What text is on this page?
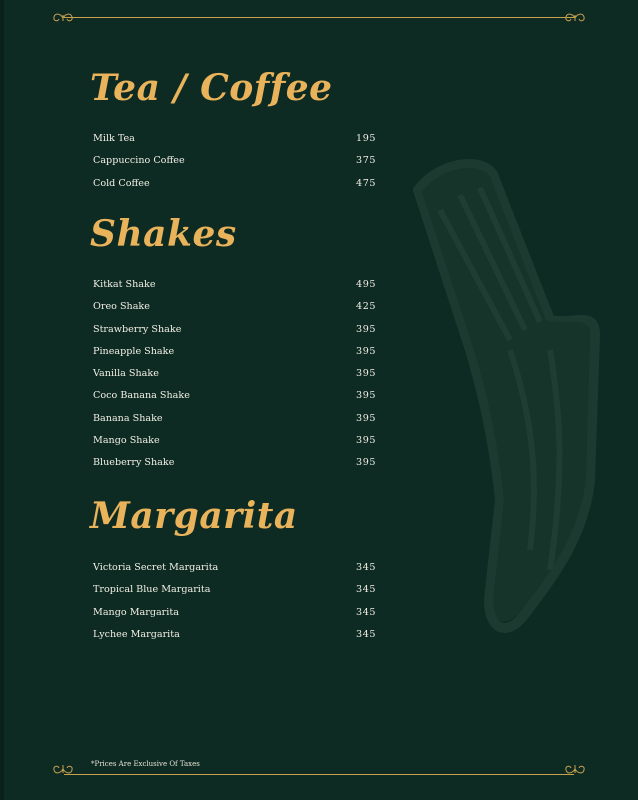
Tea / Coffee
Milk Tea	195
Cappuccino Coffee	375
Cold Coffee	475
Shakes
Kitkat Shake	495
Oreo Shake	425
Strawberry Shake	395
Pineapple Shake	395
Vanilla Shake	395
Coco Banana Shake	395
Banana Shake	395
Mango Shake	395
Blueberry Shake	395
Margarita
Victoria Secret Margarita	345
Tropical Blue Margarita	345
Mango Margarita	345
Lychee Margarita	345
*Prices Are Exclusive Of Taxes
